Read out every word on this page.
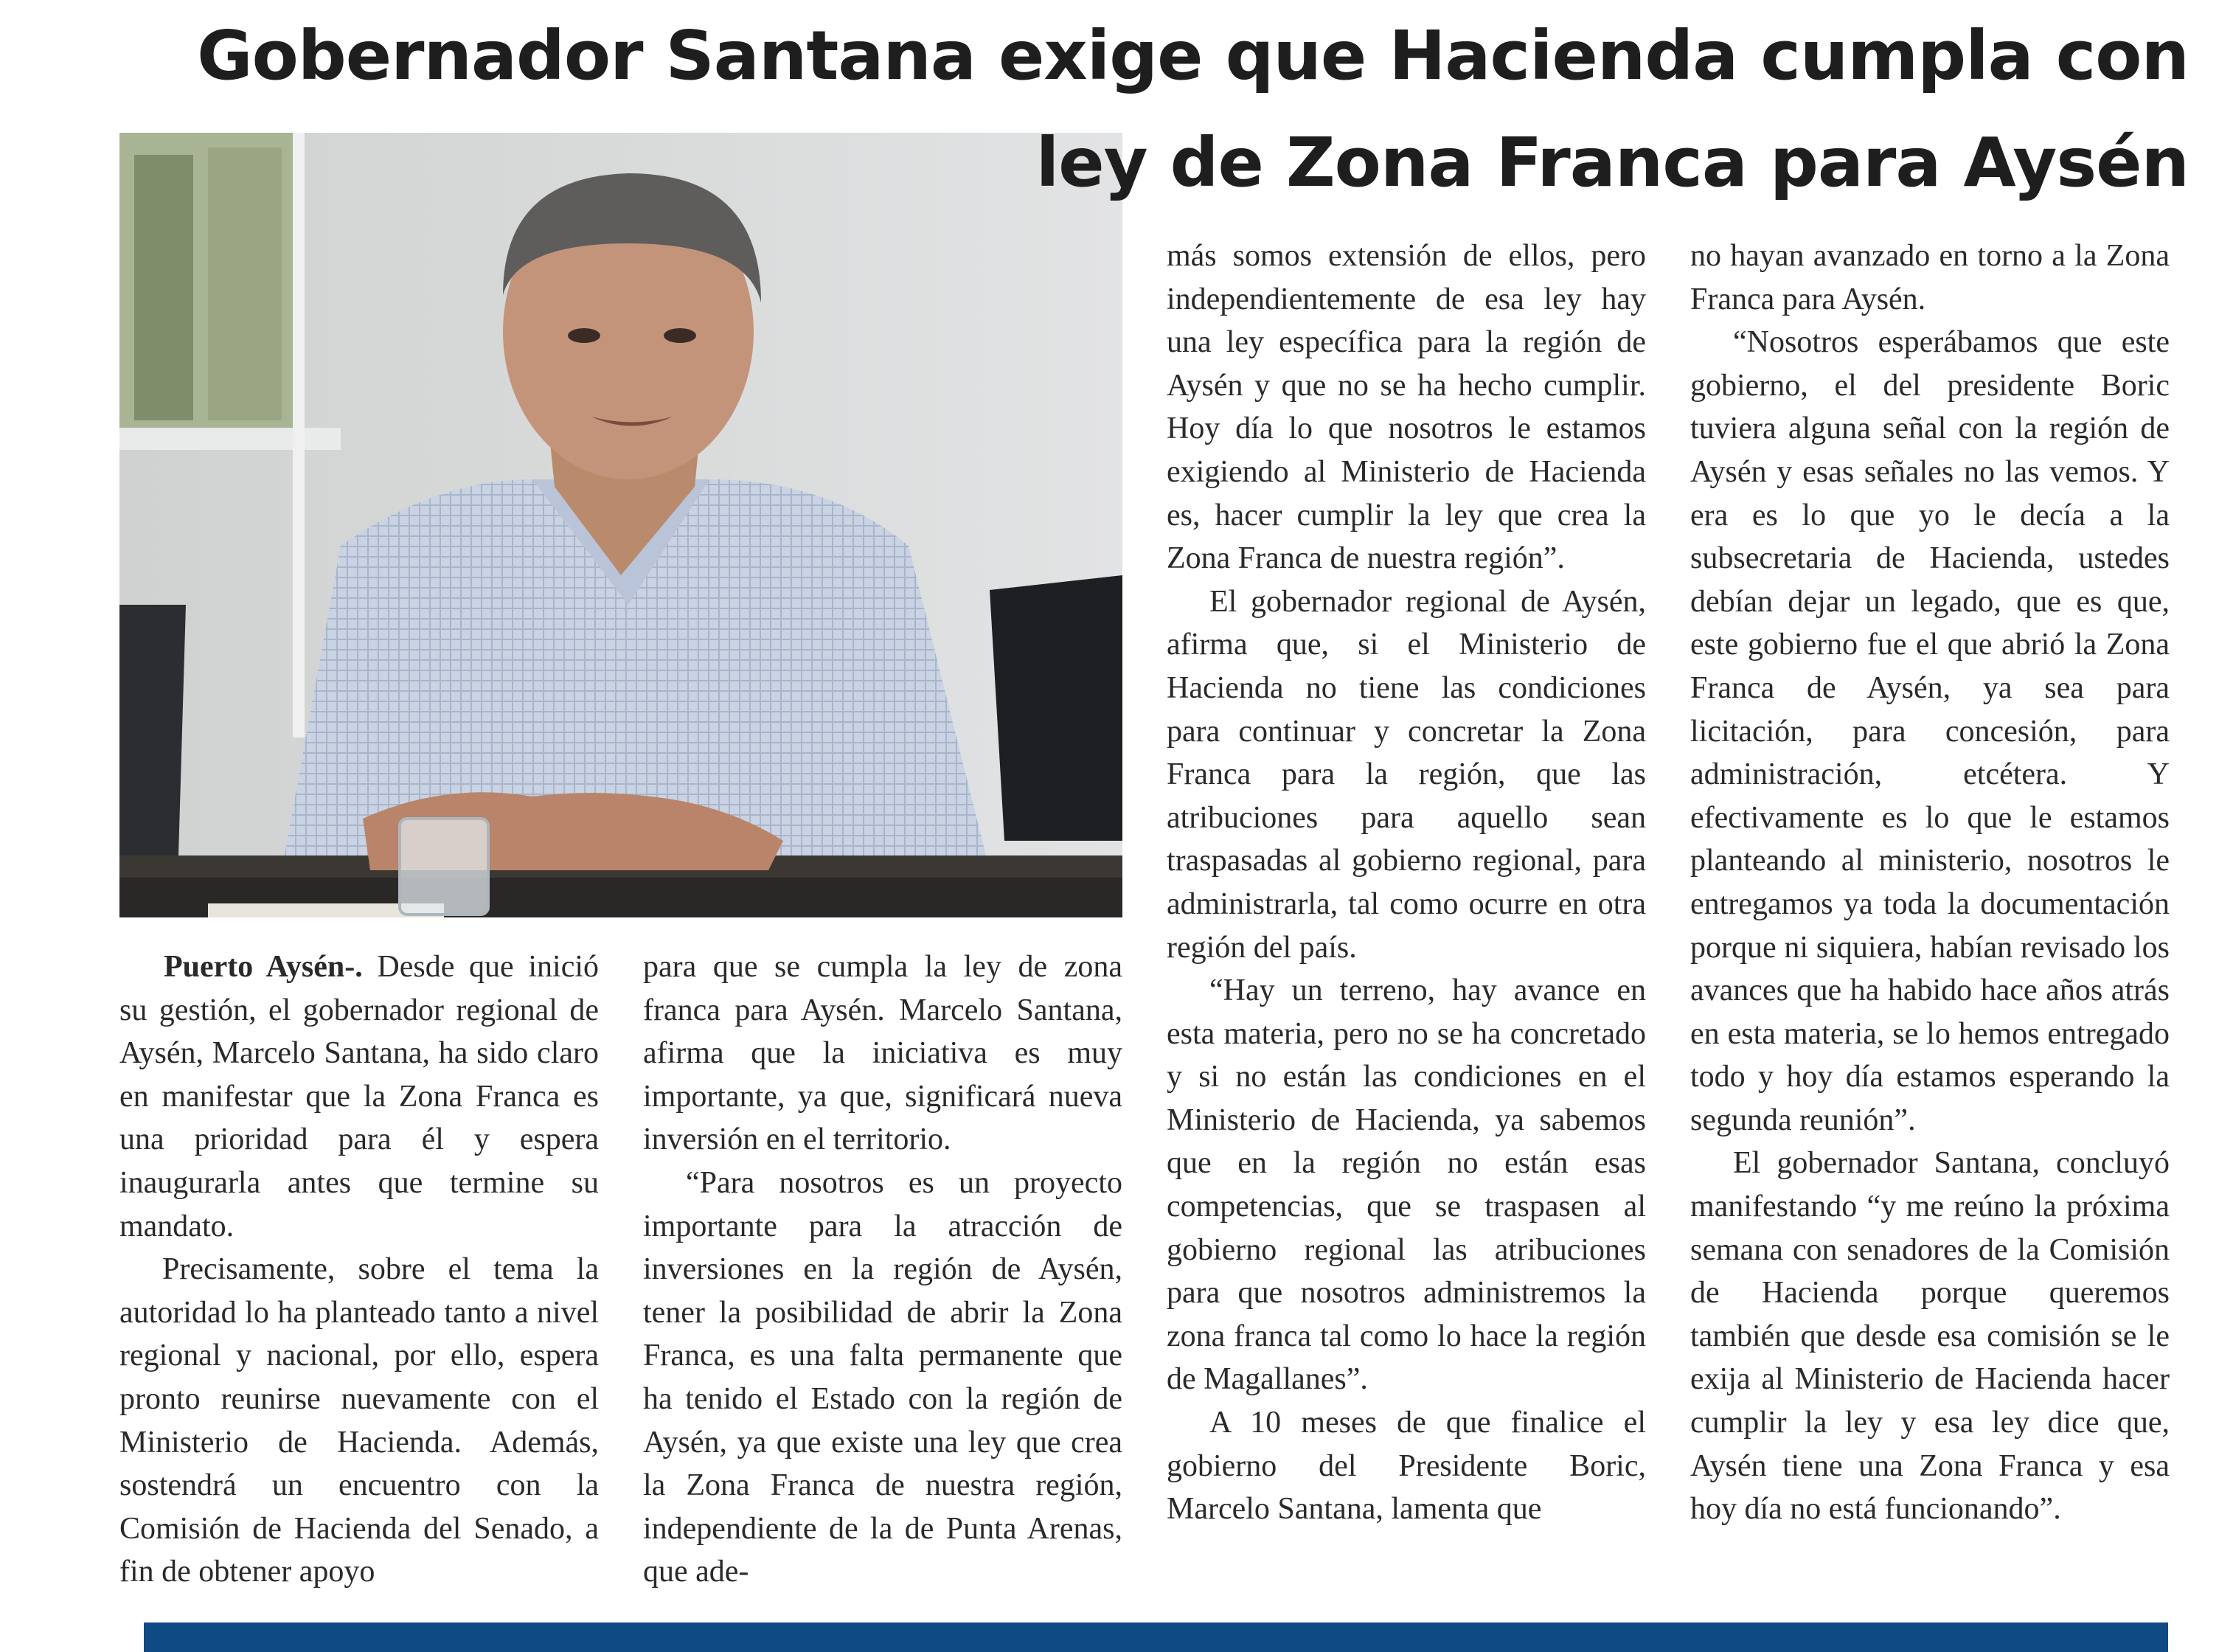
Gobernador Santana exige que Hacienda cumpla con
ley de Zona Franca para Aysén

Puerto Aysén-. Desde que inició su gestión, el gobernador regional de Aysén, Marcelo Santana, ha sido claro en manifestar que la Zona Franca es una prioridad para él y espera inaugurarla antes que termine su mandato.

Precisamente, sobre el tema la autoridad lo ha planteado tanto a nivel regional y nacional, por ello, espera pronto reunirse nuevamente con el Ministerio de Hacienda. Además, sostendrá un encuentro con la Comisión de Hacienda del Senado, a fin de obtener apoyo

para que se cumpla la ley de zona franca para Aysén. Marcelo Santana, afirma que la iniciativa es muy importante, ya que, significará nueva inversión en el territorio.

“Para nosotros es un proyecto importante para la atracción de inversiones en la región de Aysén, tener la posibilidad de abrir la Zona Franca, es una falta permanente que ha tenido el Estado con la región de Aysén, ya que existe una ley que crea la Zona Franca de nuestra región, independiente de la de Punta Arenas, que ade-

más somos extensión de ellos, pero independientemente de esa ley hay una ley específica para la región de Aysén y que no se ha hecho cumplir. Hoy día lo que nosotros le estamos exigiendo al Ministerio de Hacienda es, hacer cumplir la ley que crea la Zona Franca de nuestra región”.

El gobernador regional de Aysén, afirma que, si el Ministerio de Hacienda no tiene las condiciones para continuar y concretar la Zona Franca para la región, que las atribuciones para aquello sean traspasadas al gobierno regional, para administrarla, tal como ocurre en otra región del país.

“Hay un terreno, hay avance en esta materia, pero no se ha concretado y si no están las condiciones en el Ministerio de Hacienda, ya sabemos que en la región no están esas competencias, que se traspasen al gobierno regional las atribuciones para que nosotros administremos la zona franca tal como lo hace la región de Magallanes”.

A 10 meses de que finalice el gobierno del Presidente Boric, Marcelo Santana, lamenta que

no hayan avanzado en torno a la Zona Franca para Aysén.

“Nosotros esperábamos que este gobierno, el del presidente Boric tuviera alguna señal con la región de Aysén y esas señales no las vemos. Y era es lo que yo le decía a la subsecretaria de Hacienda, ustedes debían dejar un legado, que es que, este gobierno fue el que abrió la Zona Franca de Aysén, ya sea para licitación, para concesión, para administración, etcétera. Y efectivamente es lo que le estamos planteando al ministerio, nosotros le entregamos ya toda la documentación porque ni siquiera, habían revisado los avances que ha habido hace años atrás en esta materia, se lo hemos entregado todo y hoy día estamos esperando la segunda reunión”.

El gobernador Santana, concluyó manifestando “y me reúno la próxima semana con senadores de la Comisión de Hacienda porque queremos también que desde esa comisión se le exija al Ministerio de Hacienda hacer cumplir la ley y esa ley dice que, Aysén tiene una Zona Franca y esa hoy día no está funcionando”.
